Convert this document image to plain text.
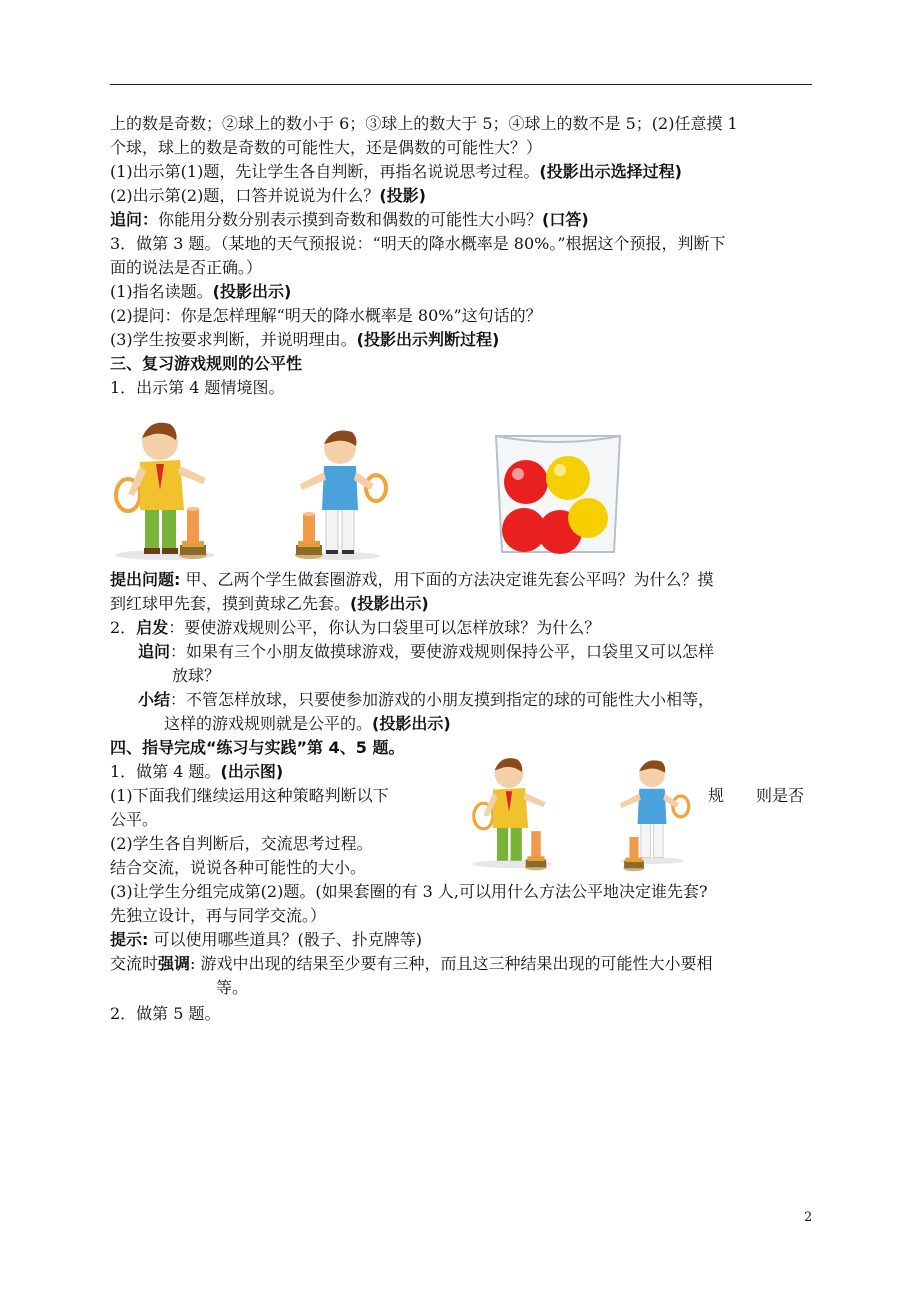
上的数是奇数；②球上的数小于 6；③球上的数大于 5；④球上的数不是 5；(2)任意摸 1
个球，球上的数是奇数的可能性大，还是偶数的可能性大？）
(1)出示第(1)题，先让学生各自判断，再指名说说思考过程。(投影出示选择过程)
(2)出示第(2)题，口答并说说为什么？(投影)
追问：你能用分数分别表示摸到奇数和偶数的可能性大小吗？(口答)
3．做第 3 题。（某地的天气预报说：“明天的降水概率是 80%。”根据这个预报，判断下
面的说法是否正确。）
(1)指名读题。(投影出示)
(2)提问：你是怎样理解“明天的降水概率是 80%”这句话的？
(3)学生按要求判断，并说明理由。(投影出示判断过程)
三、复习游戏规则的公平性
1．出示第 4 题情境图。
提出问题: 甲、乙两个学生做套圈游戏，用下面的方法决定谁先套公平吗？为什么？摸
到红球甲先套，摸到黄球乙先套。(投影出示)
2．启发：要使游戏规则公平，你认为口袋里可以怎样放球？为什么？
追问：如果有三个小朋友做摸球游戏，要使游戏规则保持公平，口袋里又可以怎样
放球？
小结：不管怎样放球，只要使参加游戏的小朋友摸到指定的球的可能性大小相等，
这样的游戏规则就是公平的。(投影出示)
四、指导完成“练习与实践”第 4、5 题。
1．做第 4 题。(出示图)
(1)下面我们继续运用这种策略判断以下	规　　则是否
公平。
(2)学生各自判断后，交流思考过程。
结合交流，说说各种可能性的大小。
(3)让学生分组完成第(2)题。(如果套圈的有 3 人,可以用什么方法公平地决定谁先套?
先独立设计，再与同学交流。）
提示: 可以使用哪些道具？(骰子、扑克牌等)
交流时强调: 游戏中出现的结果至少要有三种，而且这三种结果出现的可能性大小要相
等。
2．做第 5 题。
2
